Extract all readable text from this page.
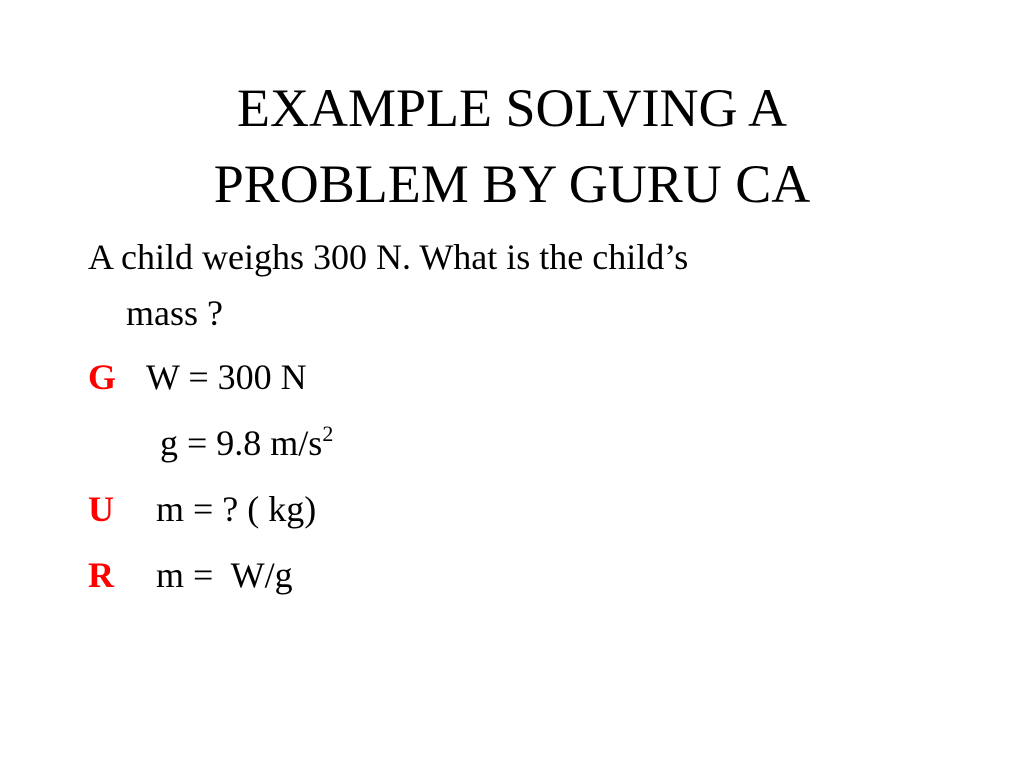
EXAMPLE SOLVING A
PROBLEM BY GURU CA
A child weighs 300 N. What is the child’s
mass ?
G W = 300 N
g = 9.8 $m/s^2$
U m = ? ( kg)
R m =  W/g
